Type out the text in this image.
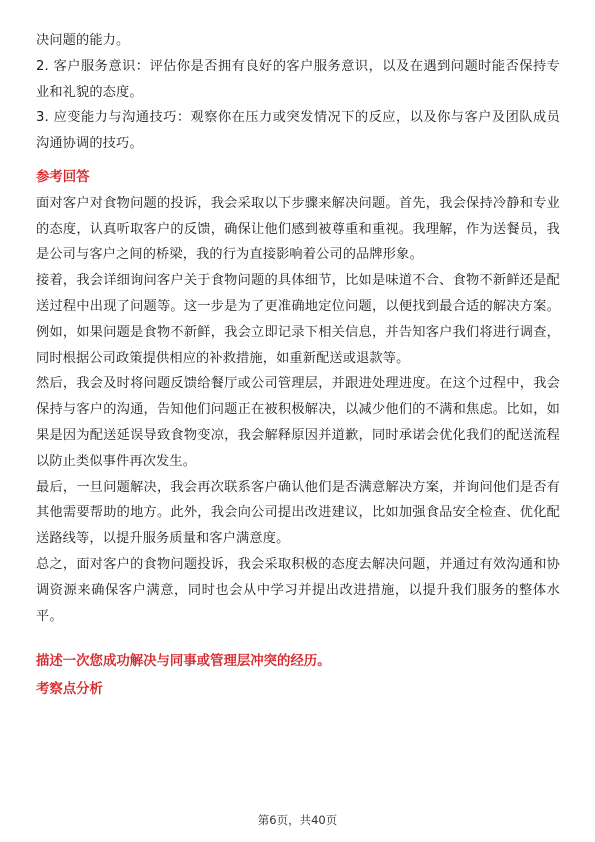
决问题的能力。

2. 客户服务意识：评估你是否拥有良好的客户服务意识，以及在遇到问题时能否保持专业和礼貌的态度。

3. 应变能力与沟通技巧：观察你在压力或突发情况下的反应，以及你与客户及团队成员沟通协调的技巧。

参考回答

面对客户对食物问题的投诉，我会采取以下步骤来解决问题。首先，我会保持冷静和专业的态度，认真听取客户的反馈，确保让他们感到被尊重和重视。我理解，作为送餐员，我是公司与客户之间的桥梁，我的行为直接影响着公司的品牌形象。

接着，我会详细询问客户关于食物问题的具体细节，比如是味道不合、食物不新鲜还是配送过程中出现了问题等。这一步是为了更准确地定位问题，以便找到最合适的解决方案。例如，如果问题是食物不新鲜，我会立即记录下相关信息，并告知客户我们将进行调查，同时根据公司政策提供相应的补救措施，如重新配送或退款等。

然后，我会及时将问题反馈给餐厅或公司管理层，并跟进处理进度。在这个过程中，我会保持与客户的沟通，告知他们问题正在被积极解决，以减少他们的不满和焦虑。比如，如果是因为配送延误导致食物变凉，我会解释原因并道歉，同时承诺会优化我们的配送流程以防止类似事件再次发生。

最后，一旦问题解决，我会再次联系客户确认他们是否满意解决方案，并询问他们是否有其他需要帮助的地方。此外，我会向公司提出改进建议，比如加强食品安全检查、优化配送路线等，以提升服务质量和客户满意度。

总之，面对客户的食物问题投诉，我会采取积极的态度去解决问题，并通过有效沟通和协调资源来确保客户满意，同时也会从中学习并提出改进措施，以提升我们服务的整体水平。

描述一次您成功解决与同事或管理层冲突的经历。
考察点分析
第6页，共40页
